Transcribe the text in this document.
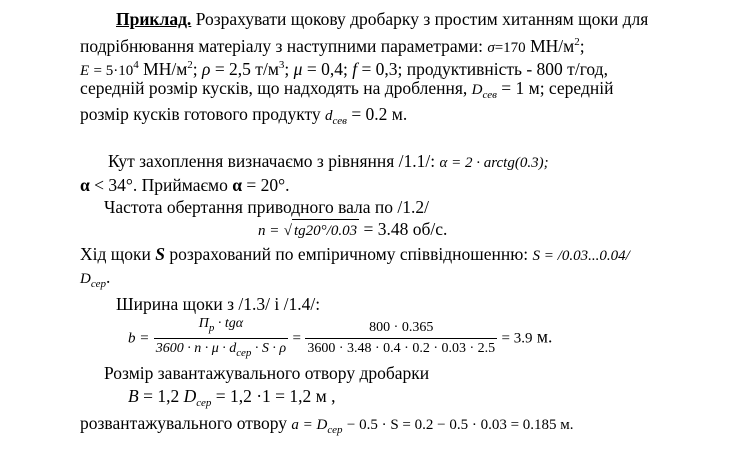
Приклад. Розрахувати щокову дробарку з простим хитанням щоки для
подрібнювання матеріалу з наступними параметрами: σ=170 $МН/м^2$;
$E = 5\cdot 10^4$ $МН/м^2$; ρ = 2,5 $т/м^3$; μ = 0,4; f = 0,3; продуктивність - 800 т/год,
середній розмір кусків, що надходять на дроблення, $D_{сев} = 1$ м; середній
розмір кусків готового продукту $d_{сев} = 0.2$ м.
Кут захоплення визначаємо з рівняння /1.1/: α = 2 · arctg(0.3);
α < 34°. Приймаємо α = 20°.
Частота обертання приводного вала по /1.2/
n = √ tg20°/0.03 = 3.48 об/с.
Хід щоки S розрахований по емпіричному співвідношенню: S = /0.03...0.04/
$D_{сер}$.
Ширина щоки з /1.3/ і /1.4/:
$b = \frac{П_р \cdot tg\alpha}{3600 \cdot n \cdot \mu \cdot d_{сер} \cdot S \cdot \rho} = \frac{800 \cdot 0.365}{3600 \cdot 3.48 \cdot 0.4 \cdot 0.2 \cdot 0.03 \cdot 2.5} = 3.9$ м.
Розмір завантажувального отвору дробарки
B = 1,2 $D_{сер} = 1,2 \cdot 1 = 1,2$ м ,
розвантажувального отвору $a = D_{сер} - 0.5 \cdot S = 0.2 - 0.5 \cdot 0.03 = 0.185$ м.
